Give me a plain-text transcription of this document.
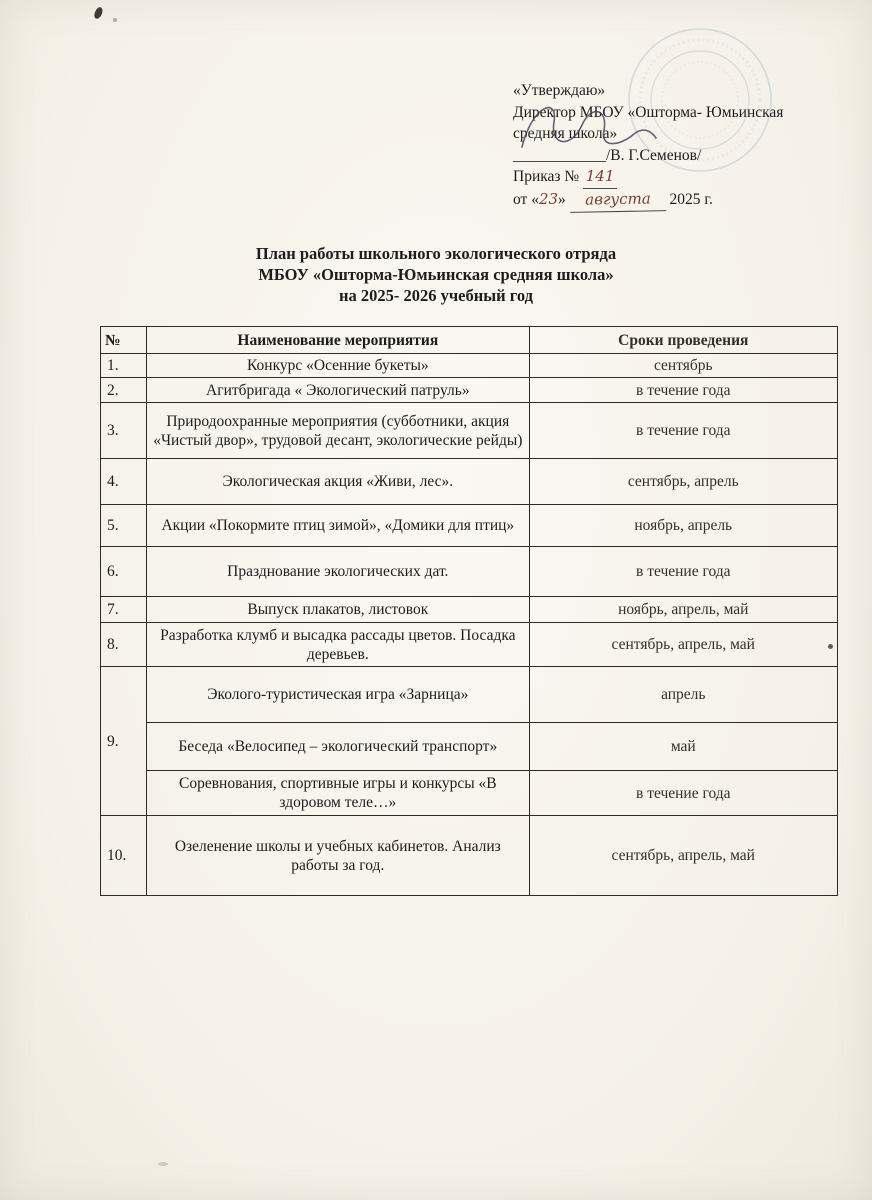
«Утверждаю»
Директор МБОУ «Ошторма- Юмьинская
средняя школа»
____________/В. Г.Семенов/
Приказ № 141
от «23» августа 2025 г.
План работы школьного экологического отряда
МБОУ «Ошторма-Юмьинская средняя школа»
на 2025- 2026 учебный год
№	Наименование мероприятия	Сроки проведения
1.	Конкурс «Осенние букеты»	сентябрь
2.	Агитбригада « Экологический патруль»	в течение года
3.	Природоохранные мероприятия (субботники, акция «Чистый двор», трудовой десант, экологические рейды)	в течение года
4.	Экологическая акция «Живи, лес».	сентябрь, апрель
5.	Акции «Покормите птиц зимой», «Домики для птиц»	ноябрь, апрель
6.	Празднование экологических дат.	в течение года
7.	Выпуск плакатов, листовок	ноябрь, апрель, май
8.	Разработка клумб и высадка рассады цветов. Посадка деревьев.	сентябрь, апрель, май
9.	Эколого-туристическая игра «Зарница»	апрель
	Беседа «Велосипед – экологический транспорт»	май
	Соревнования, спортивные игры и конкурсы «В здоровом теле…»	в течение года
10.	Озеленение школы и учебных кабинетов. Анализ работы за год.	сентябрь, апрель, май
